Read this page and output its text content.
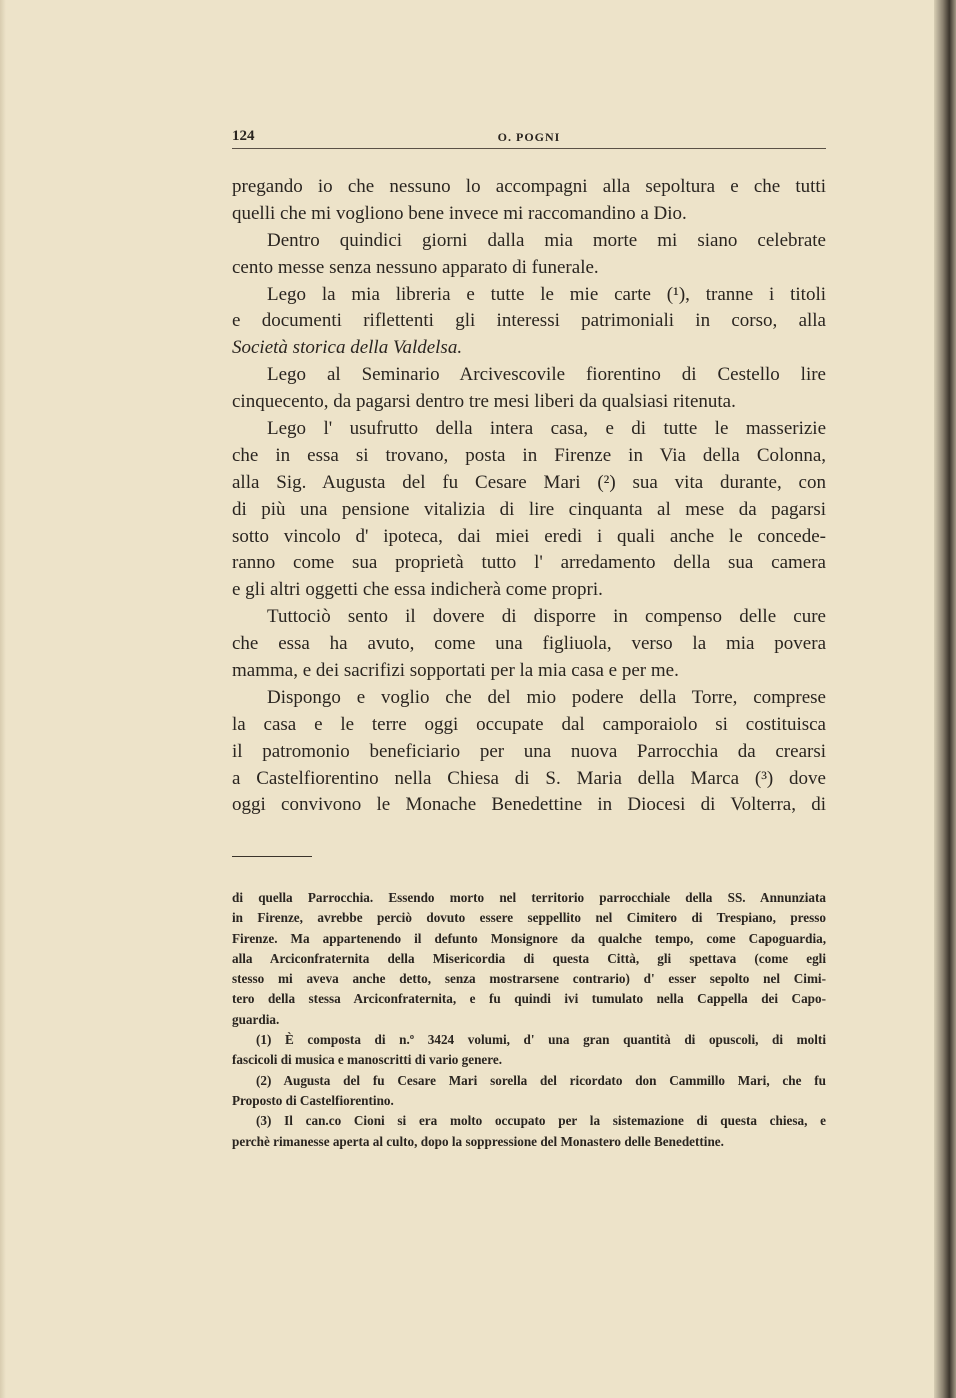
124	O. POGNI
pregando io che nessuno lo accompagni alla sepoltura e che tutti
quelli che mi vogliono bene invece mi raccomandino a Dio.
Dentro quindici giorni dalla mia morte mi siano celebrate
cento messe senza nessuno apparato di funerale.
Lego la mia libreria e tutte le mie carte (¹), tranne i titoli
e documenti riflettenti gli interessi patrimoniali in corso, alla
Società storica della Valdelsa.
Lego al Seminario Arcivescovile fiorentino di Cestello lire
cinquecento, da pagarsi dentro tre mesi liberi da qualsiasi ritenuta.
Lego l' usufrutto della intera casa, e di tutte le masserizie
che in essa si trovano, posta in Firenze in Via della Colonna,
alla Sig. Augusta del fu Cesare Mari (²) sua vita durante, con
di più una pensione vitalizia di lire cinquanta al mese da pagarsi
sotto vincolo d' ipoteca, dai miei eredi i quali anche le concede-
ranno come sua proprietà tutto l' arredamento della sua camera
e gli altri oggetti che essa indicherà come propri.
Tuttociò sento il dovere di disporre in compenso delle cure
che essa ha avuto, come una figliuola, verso la mia povera
mamma, e dei sacrifizi sopportati per la mia casa e per me.
Dispongo e voglio che del mio podere della Torre, comprese
la casa e le terre oggi occupate dal camporaiolo si costituisca
il patromonio beneficiario per una nuova Parrocchia da crearsi
a Castelfiorentino nella Chiesa di S. Maria della Marca (³) dove
oggi convivono le Monache Benedettine in Diocesi di Volterra, di
di quella Parrocchia. Essendo morto nel territorio parrocchiale della SS. Annunziata
in Firenze, avrebbe perciò dovuto essere seppellito nel Cimitero di Trespiano, presso
Firenze. Ma appartenendo il defunto Monsignore da qualche tempo, come Capoguardia,
alla Arciconfraternita della Misericordia di questa Città, gli spettava (come egli
stesso mi aveva anche detto, senza mostrarsene contrario) d' esser sepolto nel Cimi-
tero della stessa Arciconfraternita, e fu quindi ivi tumulato nella Cappella dei Capo-
guardia.
(1) È composta di n.º 3424 volumi, d' una gran quantità di opuscoli, di molti
fascicoli di musica e manoscritti di vario genere.
(2) Augusta del fu Cesare Mari sorella del ricordato don Cammillo Mari, che fu
Proposto di Castelfiorentino.
(3) Il can.co Cioni si era molto occupato per la sistemazione di questa chiesa, e
perchè rimanesse aperta al culto, dopo la soppressione del Monastero delle Benedettine.
